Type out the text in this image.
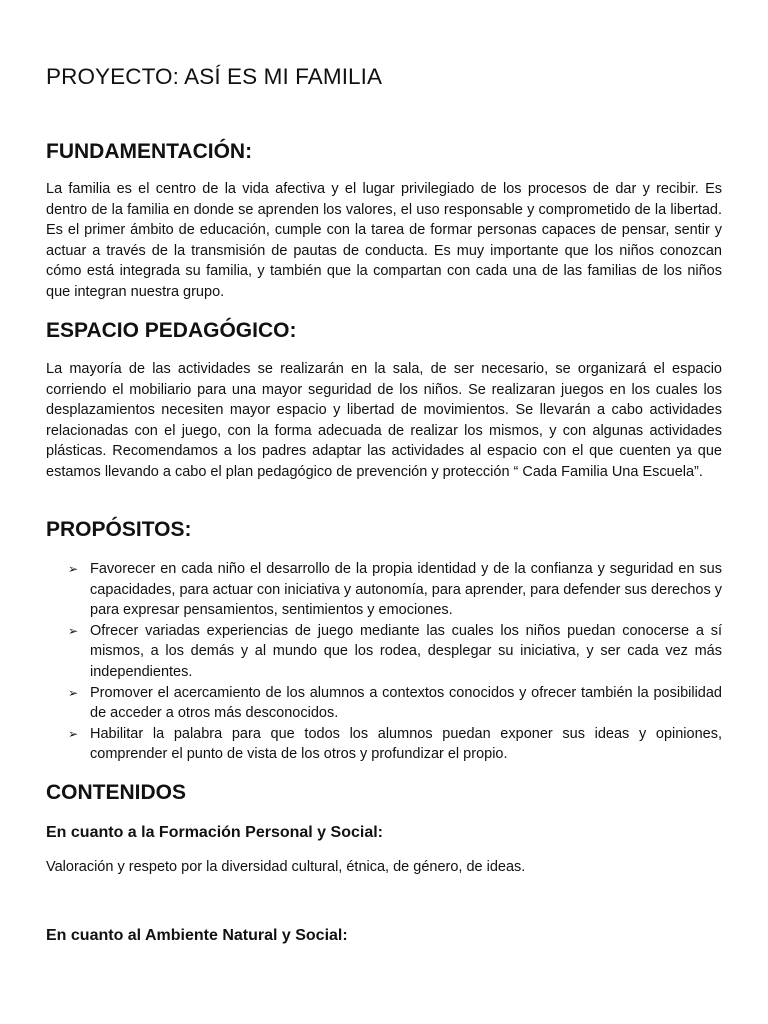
PROYECTO: ASÍ ES MI FAMILIA
FUNDAMENTACIÓN:

La familia es el centro de la vida afectiva y el lugar privilegiado de los procesos de dar y recibir. Es dentro de la familia en donde se aprenden los valores, el uso responsable y comprometido de la libertad. Es el primer ámbito de educación, cumple con la tarea de formar personas capaces de pensar, sentir y actuar a través de la transmisión de pautas de conducta. Es muy importante que los niños conozcan cómo está integrada su familia, y también que la compartan con cada una de las familias de los niños que integran nuestra grupo.

ESPACIO PEDAGÓGICO:

La mayoría de las actividades se realizarán en la sala, de ser necesario, se organizará el espacio corriendo el mobiliario para una mayor seguridad de los niños. Se realizaran juegos en los cuales los desplazamientos necesiten mayor espacio y libertad de movimientos. Se llevarán a cabo actividades relacionadas con el juego, con la forma adecuada de realizar los mismos, y con algunas actividades plásticas. Recomendamos a los padres adaptar las actividades al espacio con el que cuenten ya que estamos llevando a cabo el plan pedagógico de prevención y protección “ Cada Familia Una Escuela”.

PROPÓSITOS:
➢ Favorecer en cada niño el desarrollo de la propia identidad y de la confianza y seguridad en sus capacidades, para actuar con iniciativa y autonomía, para aprender, para defender sus derechos y para expresar pensamientos, sentimientos y emociones.
➢ Ofrecer variadas experiencias de juego mediante las cuales los niños puedan conocerse a sí mismos, a los demás y al mundo que los rodea, desplegar su iniciativa, y ser cada vez más independientes.
➢ Promover el acercamiento de los alumnos a contextos conocidos y ofrecer también la posibilidad de acceder a otros más desconocidos.
➢ Habilitar la palabra para que todos los alumnos puedan exponer sus ideas y opiniones, comprender el punto de vista de los otros y profundizar el propio.
CONTENIDOS
En cuanto a la Formación Personal y Social:

Valoración y respeto por la diversidad cultural, étnica, de género, de ideas.

En cuanto al Ambiente Natural y Social:
